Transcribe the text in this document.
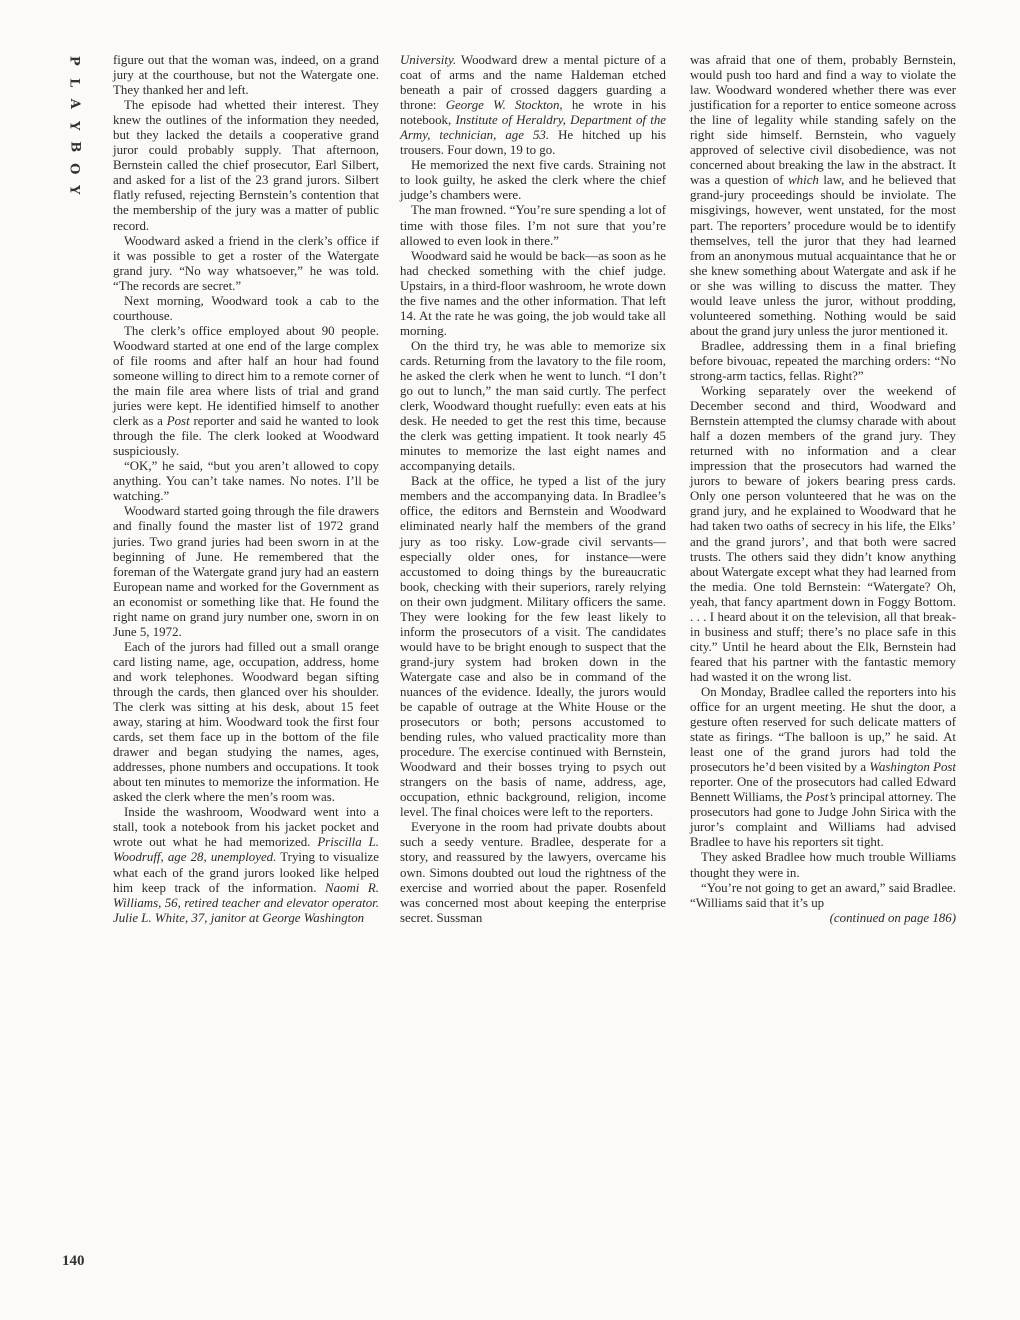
P
L
A
Y
B
O
Y
140

figure out that the woman was, indeed, on a grand jury at the courthouse, but not the Watergate one. They thanked her and left.

The episode had whetted their interest. They knew the outlines of the information they needed, but they lacked the details a cooperative grand juror could probably supply. That afternoon, Bernstein called the chief prosecutor, Earl Silbert, and asked for a list of the 23 grand jurors. Silbert flatly refused, rejecting Bernstein’s contention that the membership of the jury was a matter of public record.

Woodward asked a friend in the clerk’s office if it was possible to get a roster of the Watergate grand jury. “No way whatsoever,” he was told. “The records are secret.”

Next morning, Woodward took a cab to the courthouse.

The clerk’s office employed about 90 people. Woodward started at one end of the large complex of file rooms and after half an hour had found someone willing to direct him to a remote corner of the main file area where lists of trial and grand juries were kept. He identified himself to another clerk as a Post reporter and said he wanted to look through the file. The clerk looked at Woodward suspiciously.

“OK,” he said, “but you aren’t allowed to copy anything. You can’t take names. No notes. I’ll be watching.”

Woodward started going through the file drawers and finally found the master list of 1972 grand juries. Two grand juries had been sworn in at the beginning of June. He remembered that the foreman of the Watergate grand jury had an eastern European name and worked for the Government as an economist or something like that. He found the right name on grand jury number one, sworn in on June 5, 1972.

Each of the jurors had filled out a small orange card listing name, age, occupation, address, home and work telephones. Woodward began sifting through the cards, then glanced over his shoulder. The clerk was sitting at his desk, about 15 feet away, staring at him. Woodward took the first four cards, set them face up in the bottom of the file drawer and began studying the names, ages, addresses, phone numbers and occupations. It took about ten minutes to memorize the information. He asked the clerk where the men’s room was.

Inside the washroom, Woodward went into a stall, took a notebook from his jacket pocket and wrote out what he had memorized. Priscilla L. Woodruff, age 28, unemployed. Trying to visualize what each of the grand jurors looked like helped him keep track of the information. Naomi R. Williams, 56, retired teacher and elevator operator. Julie L. White, 37, janitor at George Washington

University. Woodward drew a mental picture of a coat of arms and the name Haldeman etched beneath a pair of crossed daggers guarding a throne: George W. Stockton, he wrote in his notebook, Institute of Heraldry, Department of the Army, technician, age 53. He hitched up his trousers. Four down, 19 to go.

He memorized the next five cards. Straining not to look guilty, he asked the clerk where the chief judge’s chambers were.

The man frowned. “You’re sure spending a lot of time with those files. I’m not sure that you’re allowed to even look in there.”

Woodward said he would be back—as soon as he had checked something with the chief judge. Upstairs, in a third-floor washroom, he wrote down the five names and the other information. That left 14. At the rate he was going, the job would take all morning.

On the third try, he was able to memorize six cards. Returning from the lavatory to the file room, he asked the clerk when he went to lunch. “I don’t go out to lunch,” the man said curtly. The perfect clerk, Woodward thought ruefully: even eats at his desk. He needed to get the rest this time, because the clerk was getting impatient. It took nearly 45 minutes to memorize the last eight names and accompanying details.

Back at the office, he typed a list of the jury members and the accompanying data. In Bradlee’s office, the editors and Bernstein and Woodward eliminated nearly half the members of the grand jury as too risky. Low-grade civil servants—especially older ones, for instance—were accustomed to doing things by the bureaucratic book, checking with their superiors, rarely relying on their own judgment. Military officers the same. They were looking for the few least likely to inform the prosecutors of a visit. The candidates would have to be bright enough to suspect that the grand-jury system had broken down in the Watergate case and also be in command of the nuances of the evidence. Ideally, the jurors would be capable of outrage at the White House or the prosecutors or both; persons accustomed to bending rules, who valued practicality more than procedure. The exercise continued with Bernstein, Woodward and their bosses trying to psych out strangers on the basis of name, address, age, occupation, ethnic background, religion, income level. The final choices were left to the reporters.

Everyone in the room had private doubts about such a seedy venture. Bradlee, desperate for a story, and reassured by the lawyers, overcame his own. Simons doubted out loud the rightness of the exercise and worried about the paper. Rosenfeld was concerned most about keeping the enterprise secret. Sussman

was afraid that one of them, probably Bernstein, would push too hard and find a way to violate the law. Woodward wondered whether there was ever justification for a reporter to entice someone across the line of legality while standing safely on the right side himself. Bernstein, who vaguely approved of selective civil disobedience, was not concerned about breaking the law in the abstract. It was a question of which law, and he believed that grand-jury proceedings should be inviolate. The misgivings, however, went unstated, for the most part. The reporters’ procedure would be to identify themselves, tell the juror that they had learned from an anonymous mutual acquaintance that he or she knew something about Watergate and ask if he or she was willing to discuss the matter. They would leave unless the juror, without prodding, volunteered something. Nothing would be said about the grand jury unless the juror mentioned it.

Bradlee, addressing them in a final briefing before bivouac, repeated the marching orders: “No strong-arm tactics, fellas. Right?”

Working separately over the weekend of December second and third, Woodward and Bernstein attempted the clumsy charade with about half a dozen members of the grand jury. They returned with no information and a clear impression that the prosecutors had warned the jurors to beware of jokers bearing press cards. Only one person volunteered that he was on the grand jury, and he explained to Woodward that he had taken two oaths of secrecy in his life, the Elks’ and the grand jurors’, and that both were sacred trusts. The others said they didn’t know anything about Watergate except what they had learned from the media. One told Bernstein: “Watergate? Oh, yeah, that fancy apartment down in Foggy Bottom. . . . I heard about it on the television, all that break-in business and stuff; there’s no place safe in this city.” Until he heard about the Elk, Bernstein had feared that his partner with the fantastic memory had wasted it on the wrong list.

On Monday, Bradlee called the reporters into his office for an urgent meeting. He shut the door, a gesture often reserved for such delicate matters of state as firings. “The balloon is up,” he said. At least one of the grand jurors had told the prosecutors he’d been visited by a Washington Post reporter. One of the prosecutors had called Edward Bennett Williams, the Post’s principal attorney. The prosecutors had gone to Judge John Sirica with the juror’s complaint and Williams had advised Bradlee to have his reporters sit tight.

They asked Bradlee how much trouble Williams thought they were in.

“You’re not going to get an award,” said Bradlee. “Williams said that it’s up

(continued on page 186)
